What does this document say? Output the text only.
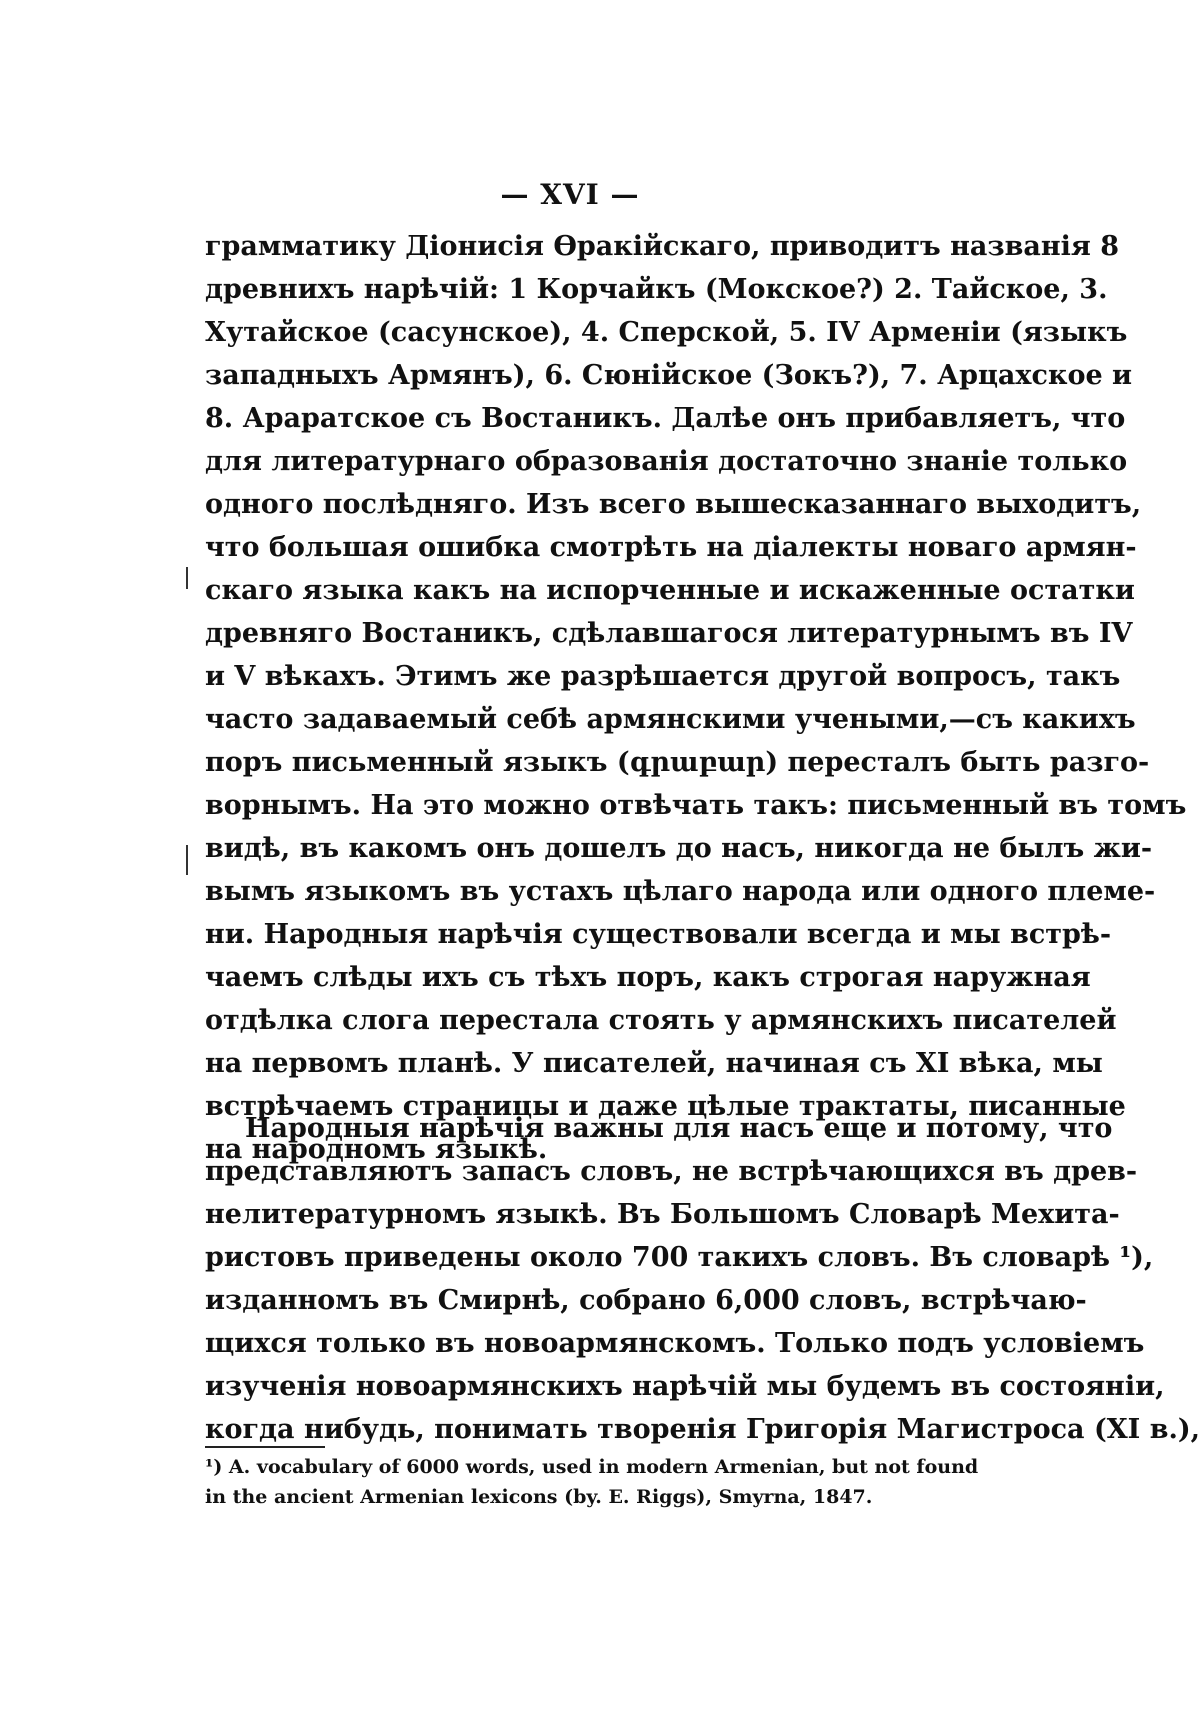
— XVI —
грамматику Діонисія Ѳракійскаго, приводитъ названія 8
древнихъ нарѣчій: 1 Корчайкъ (Мокское?) 2. Тайское, 3.
Хутайское (сасунское), 4. Сперской, 5. IV Арменіи (языкъ
западныхъ Армянъ), 6. Сюнійское (Зокъ?), 7. Арцахское и
8. Араратское съ Востаникъ. Далѣе онъ прибавляетъ, что
для литературнаго образованія достаточно знаніе только
одного послѣдняго. Изъ всего вышесказаннаго выходитъ,
что большая ошибка смотрѣть на діалекты новаго армян-
скаго языка какъ на испорченные и искаженные остатки
древняго Востаникъ, сдѣлавшагося литературнымъ въ IV
и V вѣкахъ. Этимъ же разрѣшается другой вопросъ, такъ
часто задаваемый себѣ армянскими учеными,—съ какихъ
поръ письменный языкъ (գրաբար) пересталъ быть разго-
ворнымъ. На это можно отвѣчать такъ: письменный въ томъ
видѣ, въ какомъ онъ дошелъ до насъ, никогда не былъ жи-
вымъ языкомъ въ устахъ цѣлаго народа или одного племе-
ни. Народныя нарѣчія существовали всегда и мы встрѣ-
чаемъ слѣды ихъ съ тѣхъ поръ, какъ строгая наружная
отдѣлка слога перестала стоять у армянскихъ писателей
на первомъ планѣ. У писателей, начиная съ XI вѣка, мы
встрѣчаемъ страницы и даже цѣлые трактаты, писанные
на народномъ языкѣ.
Народныя нарѣчія важны для насъ еще и потому, что
представляютъ запасъ словъ, не встрѣчающихся въ древ-
нелитературномъ языкѣ. Въ Большомъ Словарѣ Мехита-
ристовъ приведены около 700 такихъ словъ. Въ словарѣ ¹),
изданномъ въ Смирнѣ, собрано 6,000 словъ, встрѣчаю-
щихся только въ новоармянскомъ. Только подъ условіемъ
изученія новоармянскихъ нарѣчій мы будемъ въ состояніи,
когда нибудь, понимать творенія Григорія Магистроса (XI в.),
¹) A. vocabulary of 6000 words, used in modern Armenian, but not found
in the ancient Armenian lexicons (by. E. Riggs), Smyrna, 1847.
